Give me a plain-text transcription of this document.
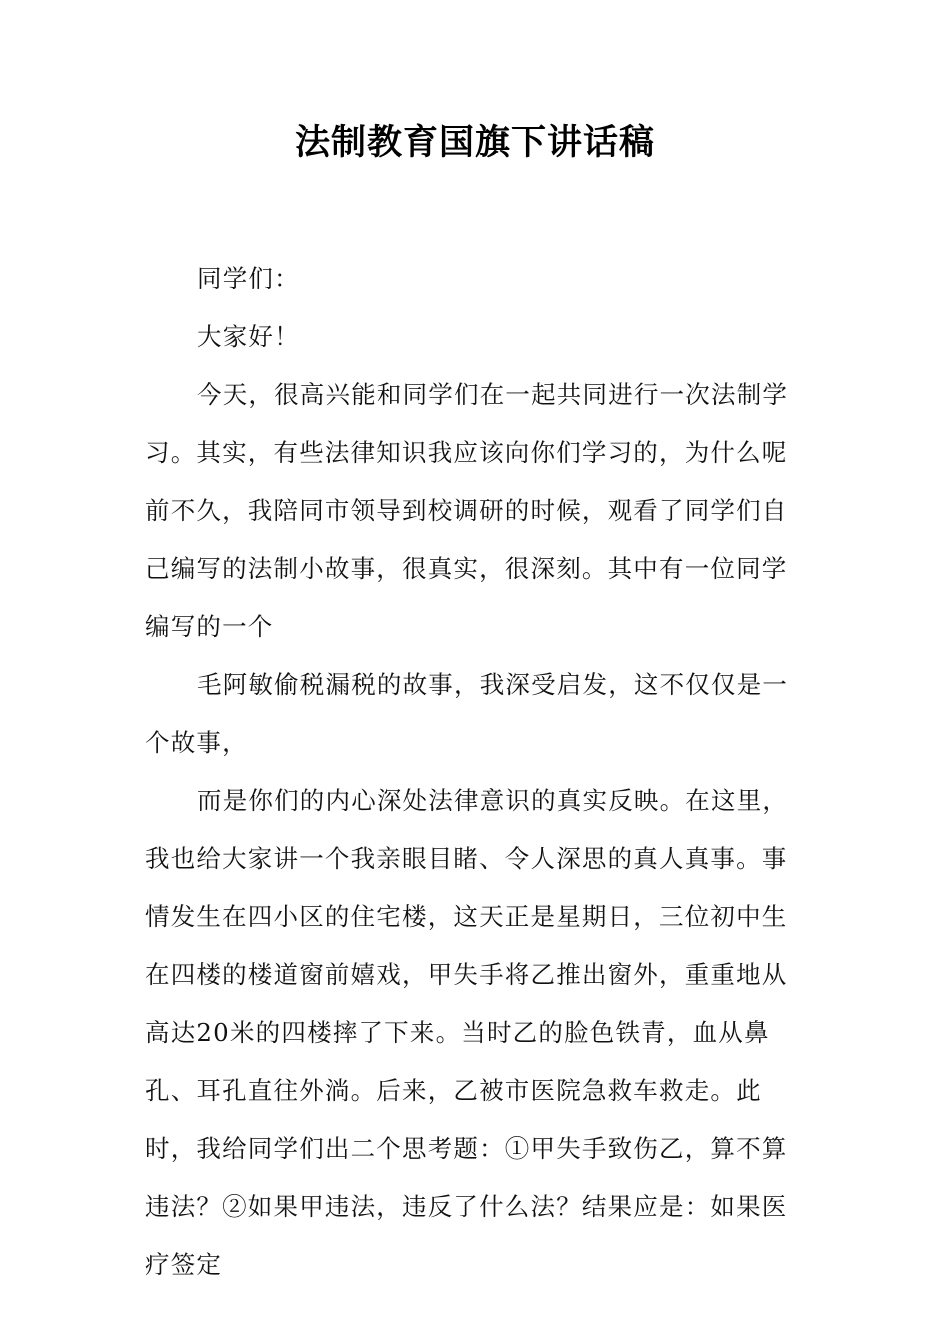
法制教育国旗下讲话稿

同学们：

大家好！

今天，很高兴能和同学们在一起共同进行一次法制学习。其实，有些法律知识我应该向你们学习的，为什么呢前不久，我陪同市领导到校调研的时候，观看了同学们自己编写的法制小故事，很真实，很深刻。其中有一位同学编写的一个

毛阿敏偷税漏税的故事，我深受启发，这不仅仅是一个故事，

而是你们的内心深处法律意识的真实反映。在这里，我也给大家讲一个我亲眼目睹、令人深思的真人真事。事情发生在四小区的住宅楼，这天正是星期日，三位初中生在四楼的楼道窗前嬉戏，甲失手将乙推出窗外，重重地从高达20米的四楼摔了下来。当时乙的脸色铁青，血从鼻孔、耳孔直往外淌。后来，乙被市医院急救车救走。此时，我给同学们出二个思考题：①甲失手致伤乙，算不算违法？②如果甲违法，违反了什么法？结果应是：如果医疗签定
